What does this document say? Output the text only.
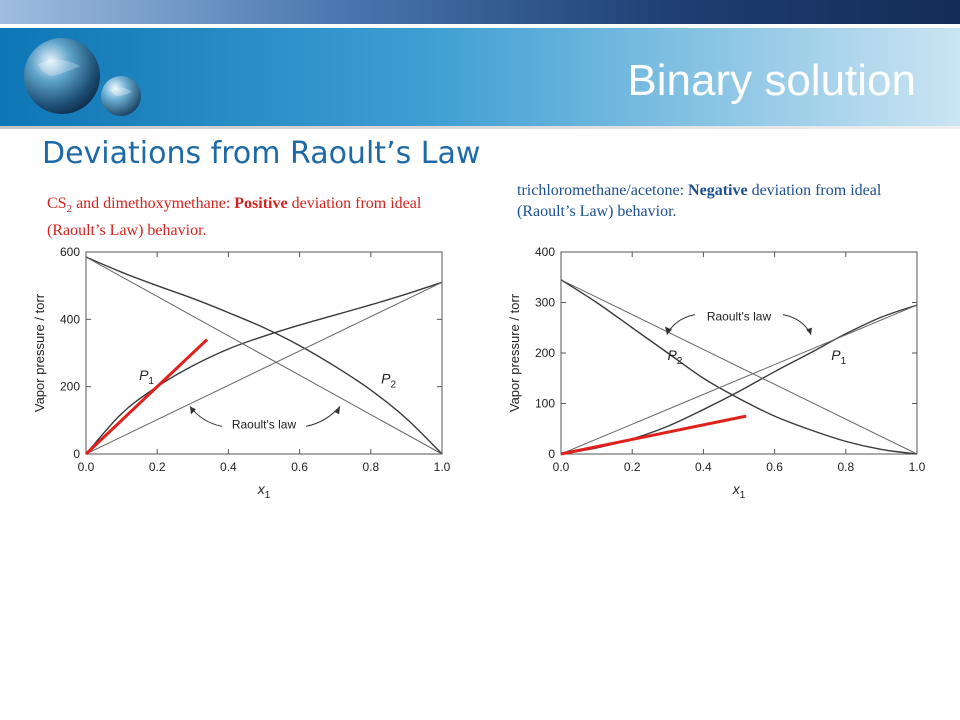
Binary solution
Deviations from Raoult’s Law

$CS_2$ and dimethoxymethane: Positive deviation from ideal (Raoult’s Law) behavior.

trichloromethane/acetone: Negative deviation from ideal (Raoult’s Law) behavior.

0.0	0.2	0.4	0.6	0.8	1.0
0
200
400
600
Vapor pressure / torr
$x_1$
$P_1$	$P_2$
Raoult's law
0.0	0.2	0.4	0.6	0.8	1.0
0
100
200
300
400
Vapor pressure / torr
$x_1$
$P_2$	$P_1$
Raoult's law
